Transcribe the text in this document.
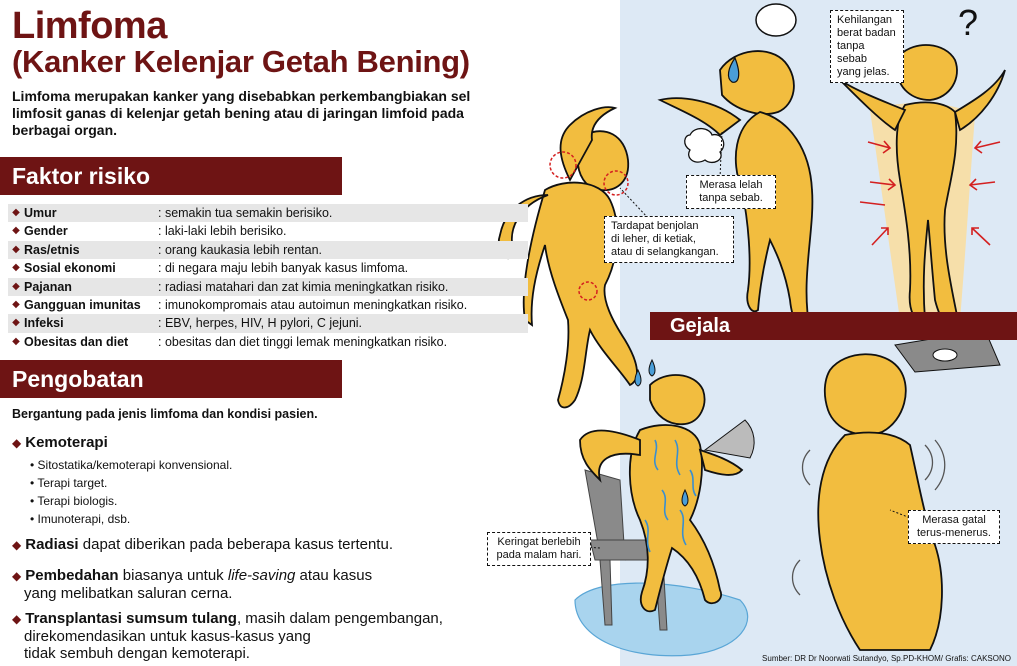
?
Limfoma
(Kanker Kelenjar Getah Bening)
Limfoma merupakan kanker yang disebabkan perkembangbiakan sel limfosit ganas di kelenjar getah bening atau di jaringan limfoid pada berbagai organ.
Faktor risiko
◆ Umur	: semakin tua semakin berisiko.
◆ Gender	: laki-laki lebih berisiko.
◆ Ras/etnis	: orang kaukasia lebih rentan.
◆ Sosial ekonomi	: di negara maju lebih banyak kasus limfoma.
◆ Pajanan	: radiasi matahari dan zat kimia meningkatkan risiko.
◆ Gangguan imunitas	: imunokompromais atau autoimun meningkatkan risiko.
◆ Infeksi	: EBV, herpes, HIV, H pylori, C jejuni.
◆ Obesitas dan diet	: obesitas dan diet tinggi lemak meningkatkan risiko.
Pengobatan
Bergantung pada jenis limfoma dan kondisi pasien.
◆ Kemoterapi
• Sitostatika/kemoterapi konvensional.
• Terapi target.
• Terapi biologis.
• Imunoterapi, dsb.
◆ Radiasi dapat diberikan pada beberapa kasus tertentu.
◆ Pembedahan biasanya untuk life-saving atau kasus
yang melibatkan saluran cerna.
◆ Transplantasi sumsum tulang, masih dalam pengembangan,
direkomendasikan untuk kasus-kasus yang
tidak sembuh dengan kemoterapi.
Gejala
Kehilangan
berat badan
tanpa sebab
yang jelas.
Merasa lelah
tanpa sebab.
Tardapat benjolan
di leher, di ketiak,
atau di selangkangan.
Keringat berlebih
pada malam hari.
Merasa gatal
terus-menerus.
Sumber: DR Dr Noorwati Sutandyo, Sp.PD-KHOM/ Grafis: CAKSONO
